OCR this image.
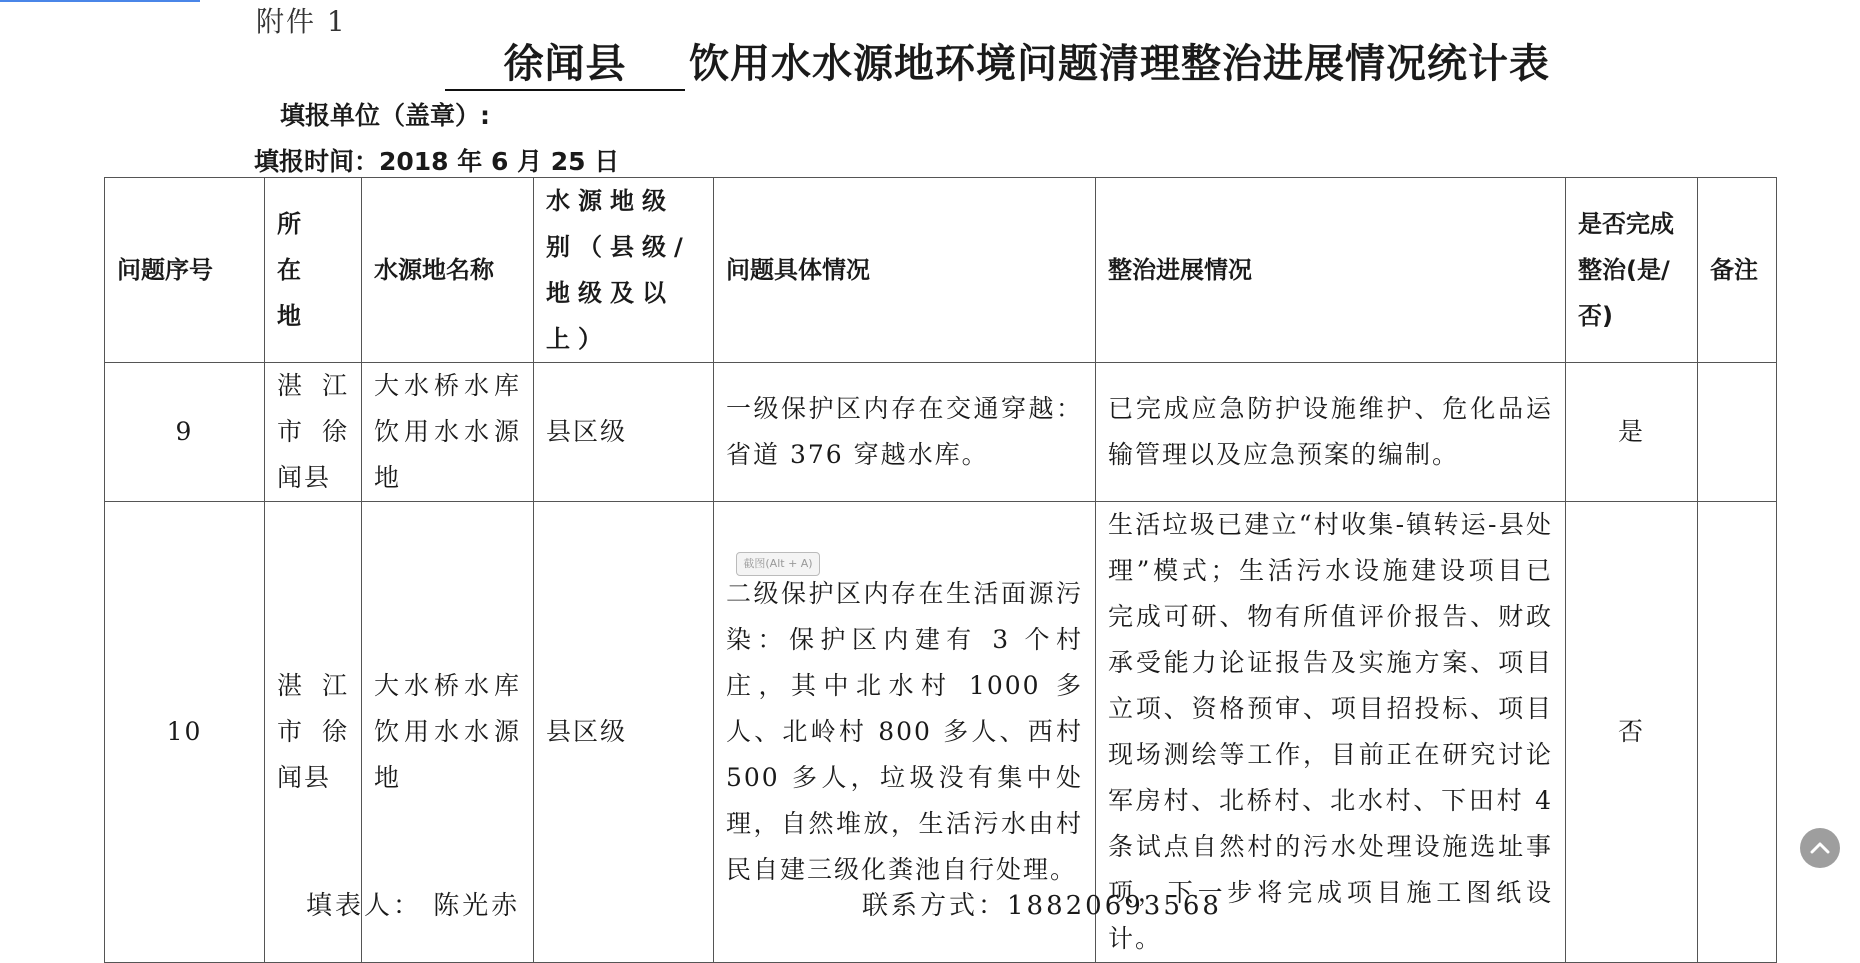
附件 1
徐闻县 饮用水水源地环境问题清理整治进展情况统计表
填报单位（盖章）:
填报时间：2018 年 6 月 25 日
问题序号	所 在 地	水源地名称	水源地级别（县级/地级及以上）	问题具体情况	整治进展情况	是否完成整治(是/否)	备注
9	湛 江 市 徐 闻县	大水桥水库饮用水水源地	县区级	一级保护区内存在交通穿越：省道 376 穿越水库。	已完成应急防护设施维护、危化品运输管理以及应急预案的编制。	是	
10	湛 江 市 徐 闻县	大水桥水库饮用水水源地	县区级	二级保护区内存在生活面源污染：保护区内建有 3 个村庄，其中北水村 1000 多人、北岭村 800 多人、西村 500 多人，垃圾没有集中处理，自然堆放，生活污水由村民自建三级化粪池自行处理。	生活垃圾已建立“村收集-镇转运-县处理”模式；生活污水设施建设项目已完成可研、物有所值评价报告、财政承受能力论证报告及实施方案、项目立项、资格预审、项目招投标、项目现场测绘等工作，目前正在研究讨论军房村、北桥村、北水村、下田村 4 条试点自然村的污水处理设施选址事项，下一步将完成项目施工图纸设计。	否	
截图(Alt + A)
填表人： 陈光赤	联系方式：18820693568
